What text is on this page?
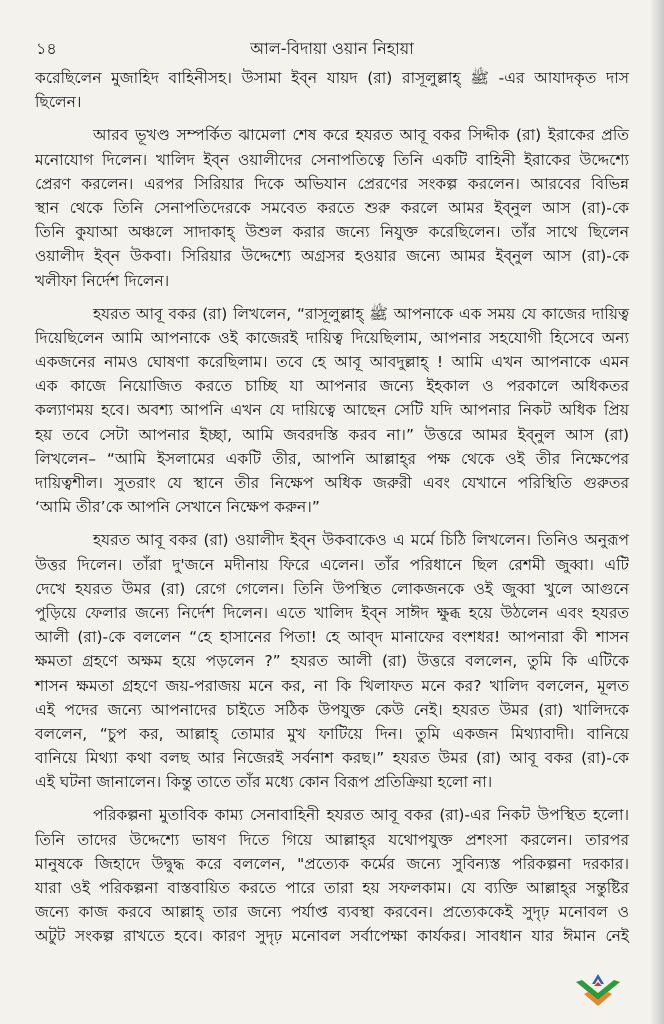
১৪	আল-বিদায়া ওয়ান নিহায়া
করেছিলেন মুজাহিদ বাহিনীসহ। উসামা ইব্‌ন যায়দ (রা) রাসূলুল্লাহ্‌ ﷺ -এর আযাদকৃত দাস
ছিলেন।
আরব ভূখণ্ড সম্পর্কিত ঝামেলা শেষ করে হযরত আবূ বকর সিদ্দীক (রা) ইরাকের প্রতি
মনোযোগ দিলেন। খালিদ ইব্‌ন ওয়ালীদের সেনাপতিত্বে তিনি একটি বাহিনী ইরাকের উদ্দেশ্যে
প্রেরণ করলেন। এরপর সিরিয়ার দিকে অভিযান প্রেরণের সংকল্প করলেন। আরবের বিভিন্ন
স্থান থেকে তিনি সেনাপতিদেরকে সমবেত করতে শুরু করলে আমর ইব্‌নুল আস (রা)-কে
তিনি কুযাআ অঞ্চলে সাদাকাহ্‌ উশুল করার জন্যে নিযুক্ত করেছিলেন। তাঁর সাথে ছিলেন
ওয়ালীদ ইব্‌ন উকবা। সিরিয়ার উদ্দেশ্যে অগ্রসর হওয়ার জন্যে আমর ইব্‌নুল আস (রা)-কে
খলীফা নির্দেশ দিলেন।
হযরত আবূ বকর (রা) লিখলেন, “রাসূলুল্লাহ্‌ ﷺ আপনাকে এক সময় যে কাজের দায়িত্ব
দিয়েছিলেন আমি আপনাকে ওই কাজেরই দায়িত্ব দিয়েছিলাম, আপনার সহযোগী হিসেবে অন্য
একজনের নামও ঘোষণা করেছিলাম। তবে হে আবূ আবদুল্লাহ্‌ ! আমি এখন আপনাকে এমন
এক কাজে নিয়োজিত করতে চাচ্ছি যা আপনার জন্যে ইহকাল ও পরকালে অধিকতর
কল্যাণময় হবে। অবশ্য আপনি এখন যে দায়িত্বে আছেন সেটি যদি আপনার নিকট অধিক প্রিয়
হয় তবে সেটা আপনার ইচ্ছা, আমি জবরদস্তি করব না।” উত্তরে আমর ইব্‌নুল আস (রা)
লিখলেন– “আমি ইসলামের একটি তীর, আপনি আল্লাহ্‌র পক্ষ থেকে ওই তীর নিক্ষেপের
দায়িত্বশীল। সুতরাং যে স্থানে তীর নিক্ষেপ অধিক জরুরী এবং যেখানে পরিস্থিতি গুরুতর
‘আমি তীর’কে আপনি সেখানে নিক্ষেপ করুন।”
হযরত আবূ বকর (রা) ওয়ালীদ ইব্‌ন উকবাকেও এ মর্মে চিঠি লিখলেন। তিনিও অনুরূপ
উত্তর দিলেন। তাঁরা দু'জনে মদীনায় ফিরে এলেন। তাঁর পরিধানে ছিল রেশমী জুব্বা। এটি
দেখে হযরত উমর (রা) রেগে গেলেন। তিনি উপস্থিত লোকজনকে ওই জুব্বা খুলে আগুনে
পুড়িয়ে ফেলার জন্যে নির্দেশ দিলেন। এতে খালিদ ইব্‌ন সাঈদ ক্ষুব্ধ হয়ে উঠলেন এবং হযরত
আলী (রা)-কে বললেন “হে হাসানের পিতা! হে আব্‌দ মানাফের বংশধর! আপনারা কী শাসন
ক্ষমতা গ্রহণে অক্ষম হয়ে পড়লেন ?” হযরত আলী (রা) উত্তরে বললেন, তুমি কি এটিকে
শাসন ক্ষমতা গ্রহণে জয়-পরাজয় মনে কর, না কি খিলাফত মনে কর? খালিদ বললেন, মূলত
এই পদের জন্যে আপনাদের চাইতে সঠিক উপযুক্ত কেউ নেই। হযরত উমর (রা) খালিদকে
বললেন, “চুপ কর, আল্লাহ্‌ তোমার মুখ ফাটিয়ে দিন। তুমি একজন মিথ্যাবাদী। বানিয়ে
বানিয়ে মিথ্যা কথা বলছ আর নিজেরই সর্বনাশ করছ।” হযরত উমর (রা) আবূ বকর (রা)-কে
এই ঘটনা জানালেন। কিন্তু তাতে তাঁর মধ্যে কোন বিরূপ প্রতিক্রিয়া হলো না।
পরিকল্পনা মুতাবিক কাম্য সেনাবাহিনী হযরত আবূ বকর (রা)-এর নিকট উপস্থিত হলো।
তিনি তাদের উদ্দেশ্যে ভাষণ দিতে গিয়ে আল্লাহ্‌র যথোপযুক্ত প্রশংসা করলেন। তারপর
মানুষকে জিহাদে উদ্বুদ্ধ করে বললেন, "প্রত্যেক কর্মের জন্যে সুবিন্যস্ত পরিকল্পনা দরকার।
যারা ওই পরিকল্পনা বাস্তবায়িত করতে পারে তারা হয় সফলকাম। যে ব্যক্তি আল্লাহ্‌র সন্তুষ্টির
জন্যে কাজ করবে আল্লাহ্‌ তার জন্যে পর্যাপ্ত ব্যবস্থা করবেন। প্রত্যেককেই সুদৃঢ় মনোবল ও
অটুট সংকল্প রাখতে হবে। কারণ সুদৃঢ় মনোবল সর্বাপেক্ষা কার্যকর। সাবধান যার ঈমান নেই
